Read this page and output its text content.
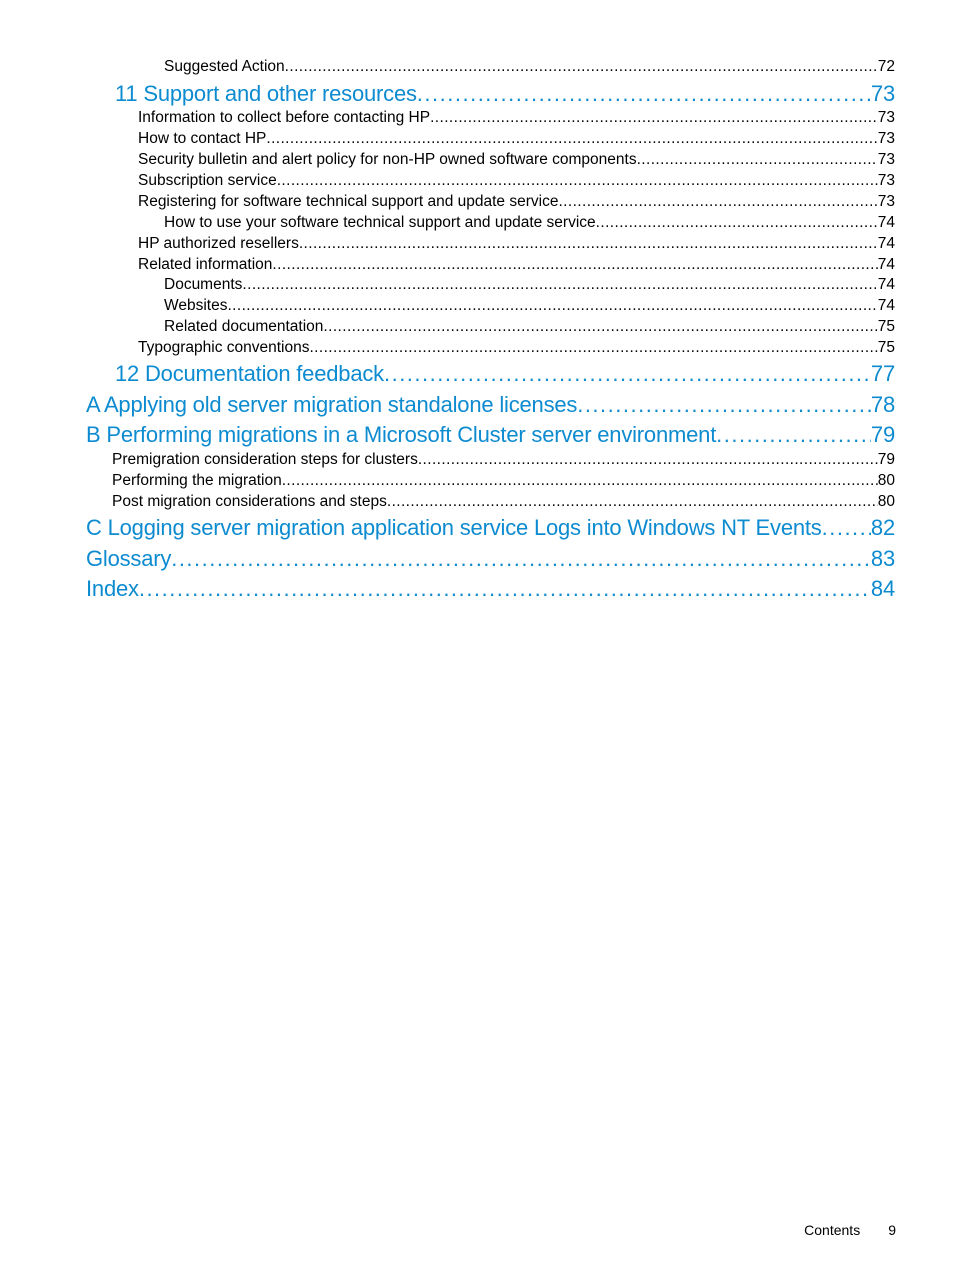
Suggested Action .....	72
11 Support and other resources .....	73
Information to collect before contacting HP .....	73
How to contact HP .....	73
Security bulletin and alert policy for non-HP owned software components .....	73
Subscription service .....	73
Registering for software technical support and update service .....	73
How to use your software technical support and update service .....	74
HP authorized resellers .....	74
Related information .....	74
Documents .....	74
Websites .....	74
Related documentation .....	75
Typographic conventions .....	75
12 Documentation feedback .....	77
A Applying old server migration standalone licenses .....	78
B Performing migrations in a Microsoft Cluster server environment .....	79
Premigration consideration steps for clusters .....	79
Performing the migration .....	80
Post migration considerations and steps .....	80
C Logging server migration application service Logs into Windows NT Events ..... 82
Glossary .....	83
Index .....	84
Contents 9
